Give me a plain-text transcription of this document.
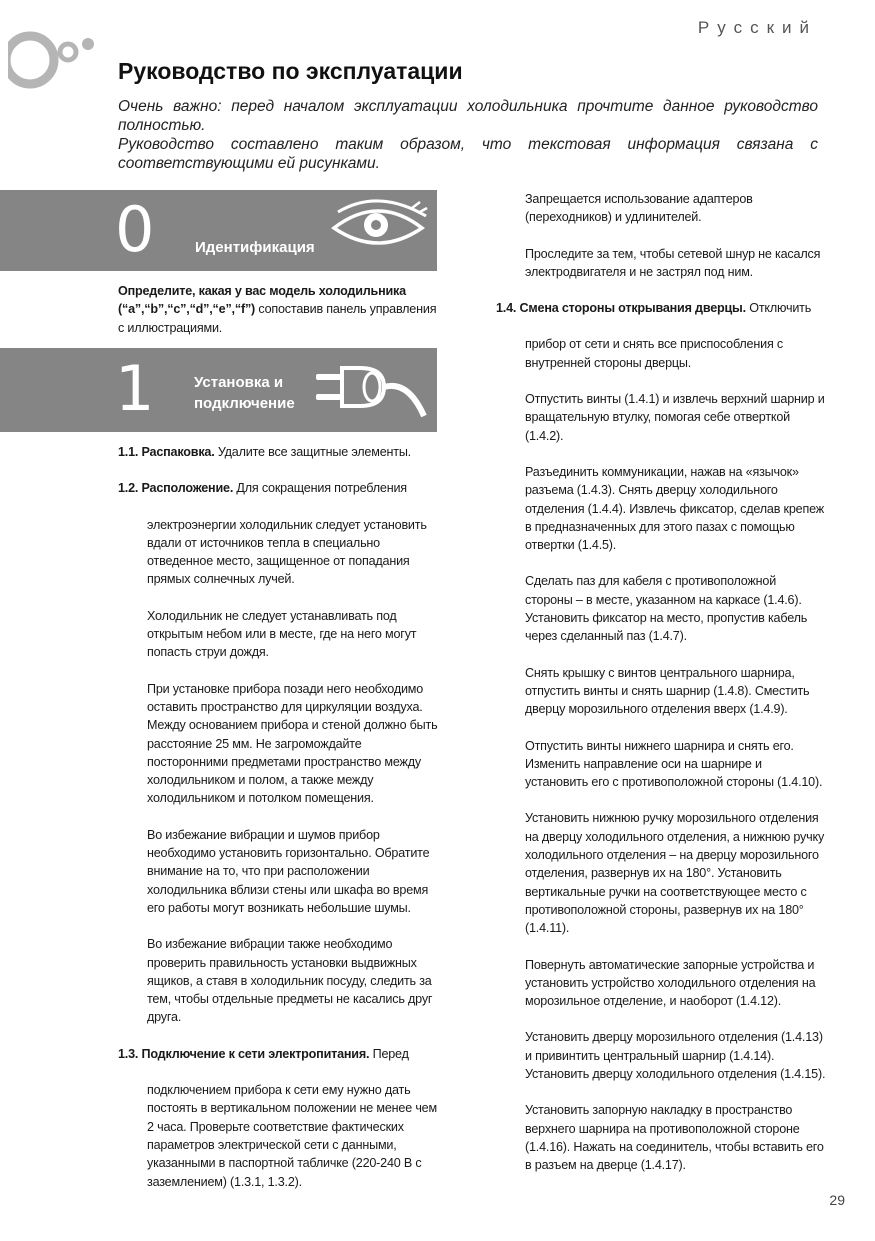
Русский
Руководство по эксплуатации

Очень важно: перед началом эксплуатации холодильника прочтите данное руководство полностью.

Руководство составлено таким образом, что текстовая информация связана с соответствующими ей рисунками.

0	Идентификация

Определите, какая у вас модель холодильника (“a”,“b”,“c”,“d”,“e”,“f”) сопоставив панель управления с иллюстрациями.

1	Установка и
подключение

1.1. Распаковка. Удалите все защитные элементы.

1.2. Расположение. Для сокращения потребления

электроэнергии холодильник следует установить вдали от источников тепла в специально отведенное место, защищенное от попадания прямых солнечных лучей.

Холодильник не следует устанавливать под открытым небом или в месте, где на него могут попасть струи дождя.

При установке прибора позади него необходимо оставить пространство для циркуляции воздуха. Между основанием прибора и стеной должно быть расстояние 25 мм. Не загромождайте посторонними предметами пространство между холодильником и полом, а также между холодильником и потолком помещения.

Во избежание вибрации и шумов прибор необходимо установить горизонтально. Обратите внимание на то, что при расположении холодильника вблизи стены или шкафа во время его работы могут возникать небольшие шумы.

Во избежание вибрации также необходимо проверить правильность установки выдвижных ящиков, а ставя в холодильник посуду, следить за тем, чтобы отдельные предметы не касались друг друга.

1.3. Подключение к сети электропитания. Перед

подключением прибора к сети ему нужно дать постоять в вертикальном положении не менее чем 2 часа. Проверьте соответствие фактических параметров электрической сети с данными, указанными в паспортной табличке (220-240 В с заземлением) (1.3.1, 1.3.2).

Запрещается использование адаптеров (переходников) и удлинителей.

Проследите за тем, чтобы сетевой шнур не касался электродвигателя и не застрял под ним.

1.4. Смена стороны открывания дверцы. Отключить

прибор от сети и снять все приспособления с внутренней стороны дверцы.

Отпустить винты (1.4.1) и извлечь верхний шарнир и вращательную втулку, помогая себе отверткой (1.4.2).

Разъединить коммуникации, нажав на «язычок» разъема (1.4.3). Снять дверцу холодильного отделения (1.4.4). Извлечь фиксатор, сделав крепеж в предназначенных для этого пазах с помощью отвертки (1.4.5).

Сделать паз для кабеля с противоположной стороны – в месте, указанном на каркасе (1.4.6). Установить фиксатор на место, пропустив кабель через сделанный паз (1.4.7).

Снять крышку с винтов центрального шарнира, отпустить винты и снять шарнир (1.4.8). Сместить дверцу морозильного отделения вверх (1.4.9).

Отпустить винты нижнего шарнира и снять его. Изменить направление оси на шарнире и установить его с противоположной стороны (1.4.10).

Установить нижнюю ручку морозильного отделения на дверцу холодильного отделения, а нижнюю ручку холодильного отделения – на дверцу морозильного отделения, развернув их на 180°. Установить вертикальные ручки на соответствующее место с противоположной стороны, развернув их на 180° (1.4.11).

Повернуть автоматические запорные устройства и установить устройство холодильного отделения на морозильное отделение, и наоборот (1.4.12).

Установить дверцу морозильного отделения (1.4.13) и привинтить центральный шарнир (1.4.14). Установить дверцу холодильного отделения (1.4.15).

Установить запорную накладку в пространство верхнего шарнира на противоположной стороне (1.4.16). Нажать на соединитель, чтобы вставить его в разъем на дверце (1.4.17).

29
